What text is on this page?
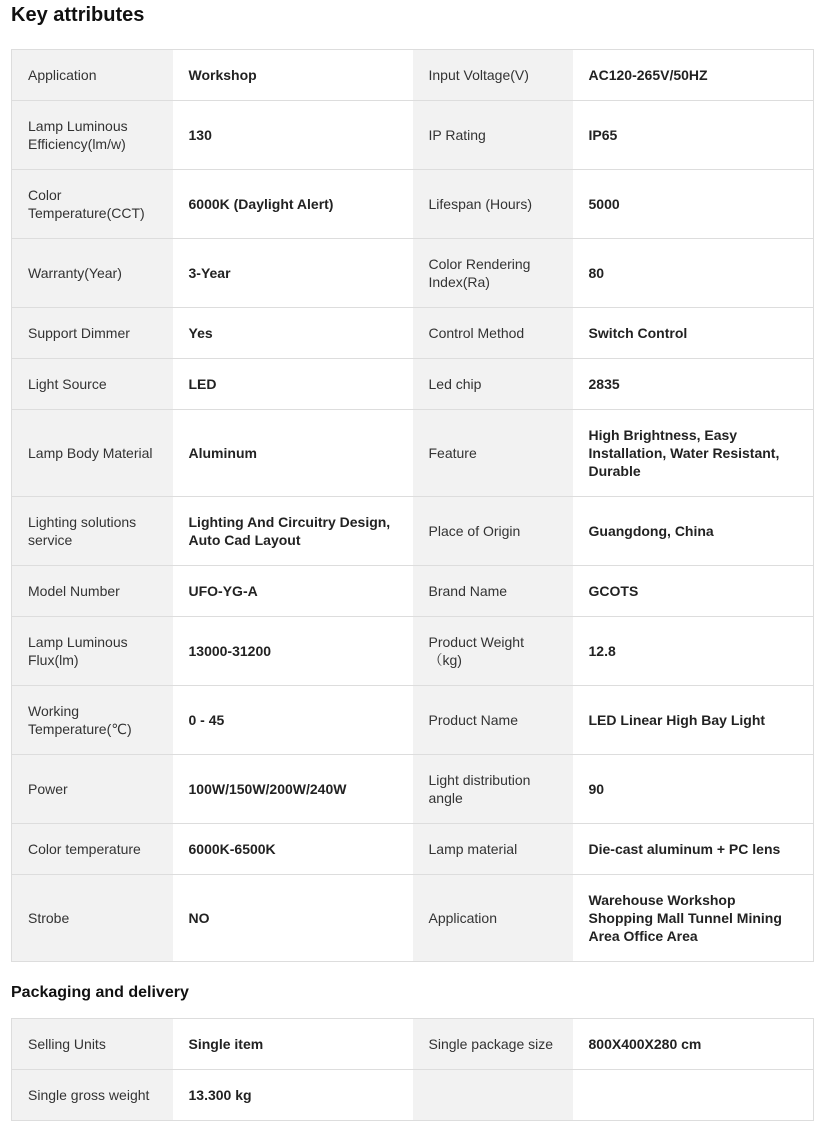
Key attributes
Application	Workshop	Input Voltage(V)	AC120-265V/50HZ
Lamp Luminous Efficiency(lm/w)	130	IP Rating	IP65
Color Temperature(CCT)	6000K (Daylight Alert)	Lifespan (Hours)	5000
Warranty(Year)	3-Year	Color Rendering Index(Ra)	80
Support Dimmer	Yes	Control Method	Switch Control
Light Source	LED	Led chip	2835
Lamp Body Material	Aluminum	Feature	High Brightness, Easy Installation, Water Resistant, Durable
Lighting solutions service	Lighting And Circuitry Design, Auto Cad Layout	Place of Origin	Guangdong, China
Model Number	UFO-YG-A	Brand Name	GCOTS
Lamp Luminous Flux(lm)	13000-31200	Product Weight（kg)	12.8
Working Temperature(℃)	0 - 45	Product Name	LED Linear High Bay Light
Power	100W/150W/200W/240W	Light distribution angle	90
Color temperature	6000K-6500K	Lamp material	Die-cast aluminum + PC lens
Strobe	NO	Application	Warehouse Workshop Shopping Mall Tunnel Mining Area Office Area
Packaging and delivery
Selling Units	Single item	Single package size	800X400X280 cm
Single gross weight	13.300 kg		
